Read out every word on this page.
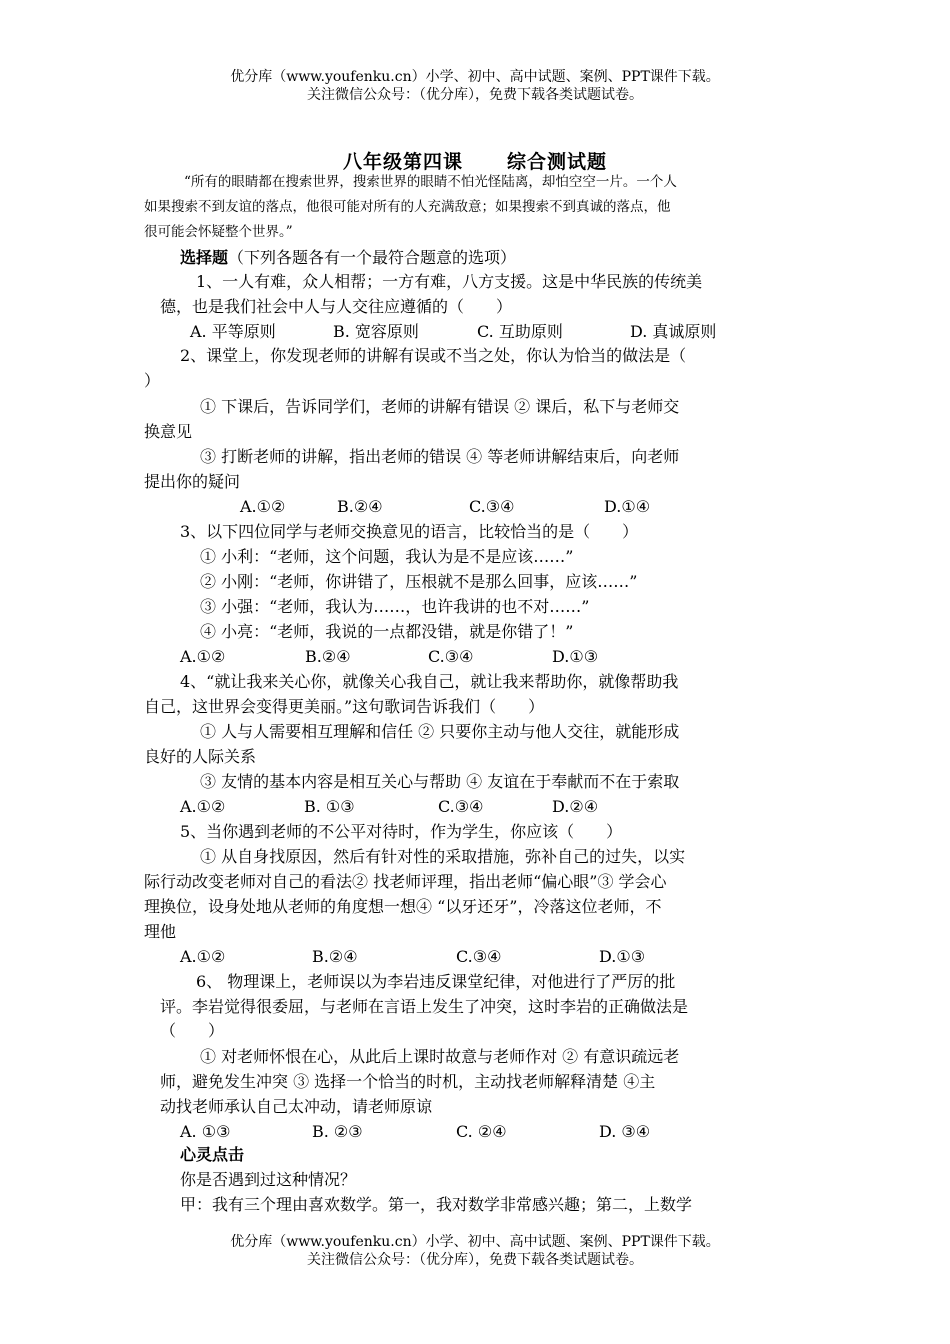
优分库（www.youfenku.cn）小学、初中、高中试题、案例、PPT课件下载。
关注微信公众号：（优分库），免费下载各类试题试卷。
八年级第四课 综合测试题
“所有的眼睛都在搜索世界，搜索世界的眼睛不怕光怪陆离，却怕空空一片。一个人
如果搜索不到友谊的落点，他很可能对所有的人充满敌意；如果搜索不到真诚的落点，他
很可能会怀疑整个世界。”
选择题（下列各题各有一个最符合题意的选项）
1、一人有难，众人相帮；一方有难，八方支援。这是中华民族的传统美
德，也是我们社会中人与人交往应遵循的（　　）
A. 平等原则	B. 宽容原则	C. 互助原则	D. 真诚原则
2、课堂上，你发现老师的讲解有误或不当之处，你认为恰当的做法是（
）
① 下课后，告诉同学们，老师的讲解有错误 ② 课后，私下与老师交
换意见
③ 打断老师的讲解，指出老师的错误 ④ 等老师讲解结束后，向老师
提出你的疑问
A.①②	B.②④	C.③④	D.①④
3、以下四位同学与老师交换意见的语言，比较恰当的是（　　）
① 小利：“老师，这个问题，我认为是不是应该……”
② 小刚：“老师，你讲错了，压根就不是那么回事，应该……”
③ 小强：“老师，我认为……，也许我讲的也不对……”
④ 小亮：“老师，我说的一点都没错，就是你错了！”
A.①②	B.②④	C.③④	D.①③
4、“就让我来关心你，就像关心我自己，就让我来帮助你，就像帮助我
自己，这世界会变得更美丽。”这句歌词告诉我们（　　）
① 人与人需要相互理解和信任 ② 只要你主动与他人交往，就能形成
良好的人际关系
③ 友情的基本内容是相互关心与帮助 ④ 友谊在于奉献而不在于索取
A.①②	B. ①③	C.③④	D.②④
5、当你遇到老师的不公平对待时，作为学生，你应该（　　）
① 从自身找原因，然后有针对性的采取措施，弥补自己的过失，以实
际行动改变老师对自己的看法② 找老师评理，指出老师“偏心眼”③ 学会心
理换位，设身处地从老师的角度想一想④ “以牙还牙”，冷落这位老师，不
理他
A.①②	B.②④	C.③④	D.①③
6、 物理课上，老师误以为李岩违反课堂纪律，对他进行了严厉的批
评。李岩觉得很委屈，与老师在言语上发生了冲突，这时李岩的正确做法是
（　　）
① 对老师怀恨在心，从此后上课时故意与老师作对 ② 有意识疏远老
师，避免发生冲突 ③ 选择一个恰当的时机，主动找老师解释清楚 ④主
动找老师承认自己太冲动，请老师原谅
A. ①③	B. ②③	C. ②④	D. ③④
心灵点击
你是否遇到过这种情况？
甲：我有三个理由喜欢数学。第一，我对数学非常感兴趣；第二，上数学
优分库（www.youfenku.cn）小学、初中、高中试题、案例、PPT课件下载。
关注微信公众号：（优分库），免费下载各类试题试卷。
